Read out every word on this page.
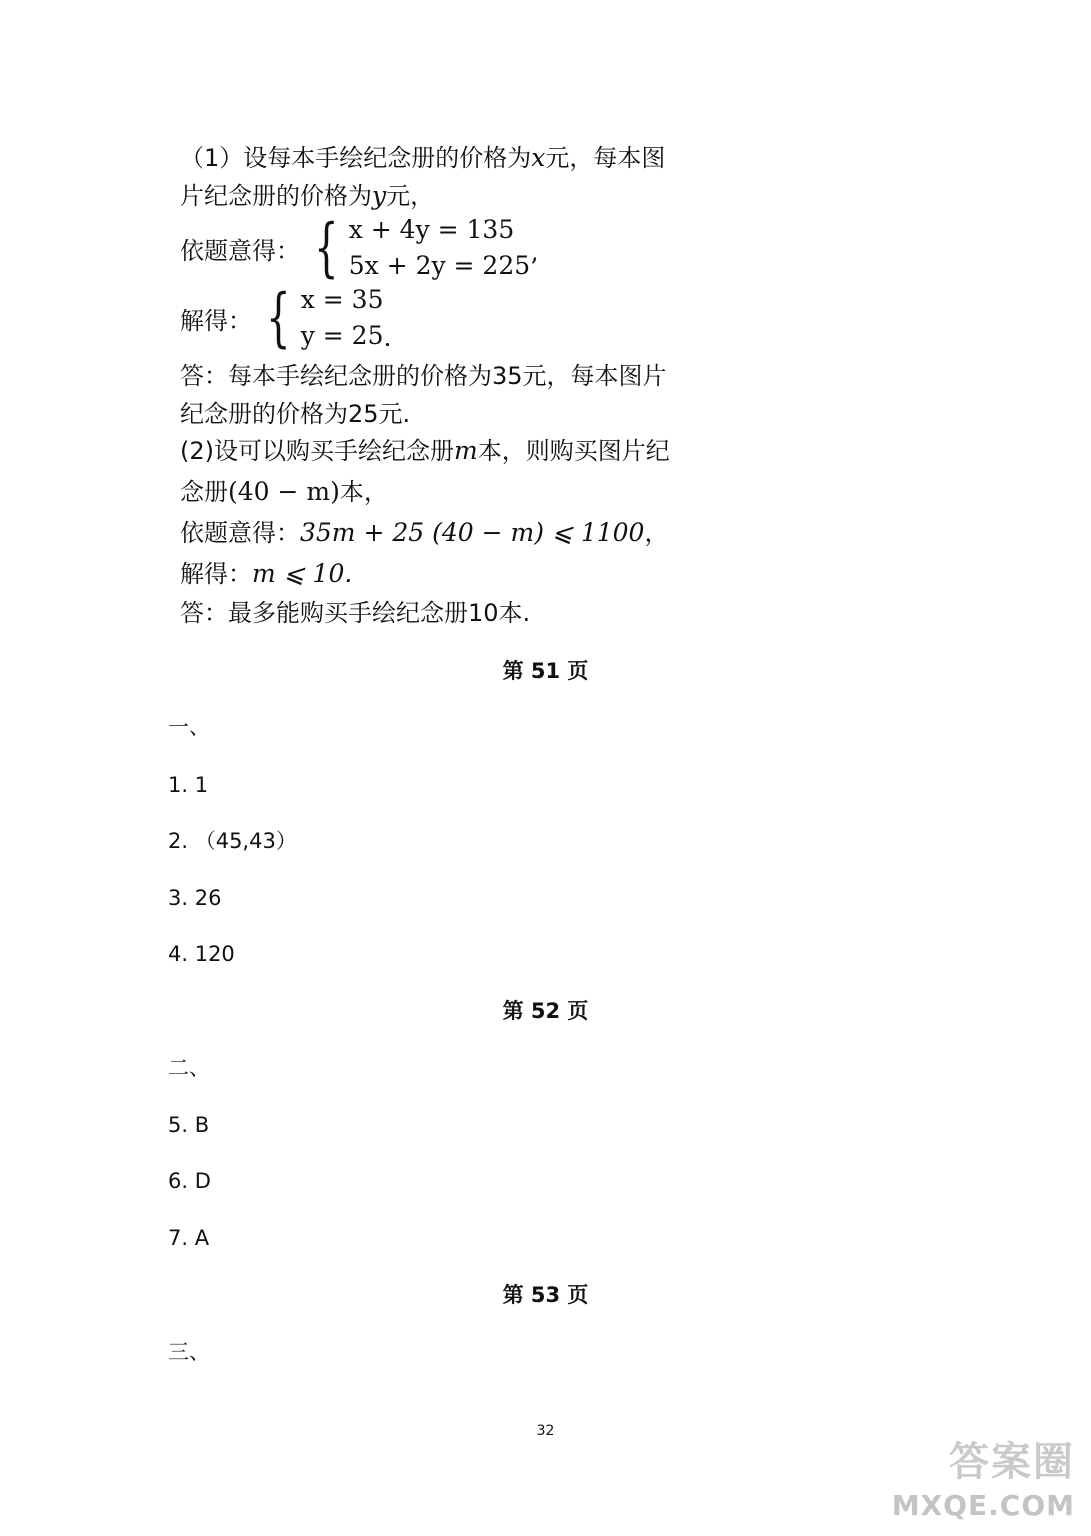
（1）设每本手绘纪念册的价格为x元，每本图
片纪念册的价格为y元，
依题意得： { x + 4y = 135
5x + 2y = 225 ’
解得： { x = 35
y = 25 .
答：每本手绘纪念册的价格为35元，每本图片
纪念册的价格为25元.
(2)设可以购买手绘纪念册m本，则购买图片纪
念册(40 − m)本，
依题意得：35m + 25 (40 − m) ⩽ 1100，
解得：m ⩽ 10.
答：最多能购买手绘纪念册10本.
第 51 页
一、
1. 1
2. （45,43）
3. 26
4. 120
第 52 页
二、
5. B
6. D
7. A
第 53 页
三、
32
答案圈
MXQE.COM
